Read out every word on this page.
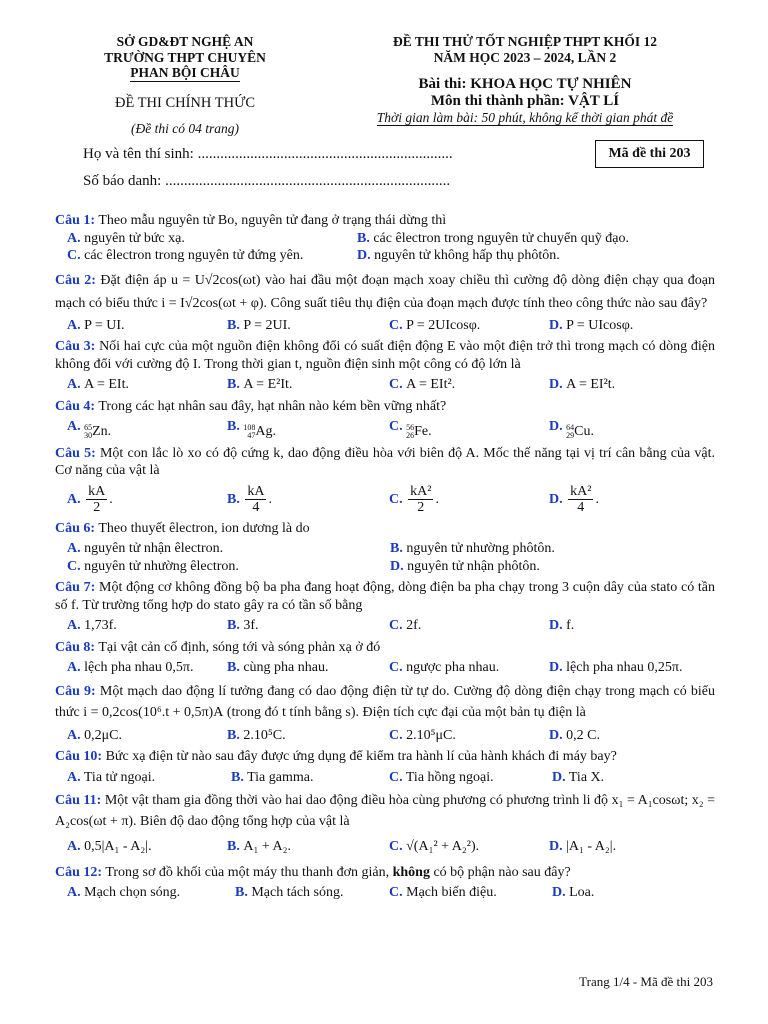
SỞ GD&ĐT NGHỆ AN
TRƯỜNG THPT CHUYÊN
PHAN BỘI CHÂU
ĐỀ THI CHÍNH THỨC
(Đề thi có 04 trang)
ĐỀ THI THỬ TỐT NGHIỆP THPT KHỐI 12
NĂM HỌC 2023 – 2024, LẦN 2
Bài thi: KHOA HỌC TỰ NHIÊN
Môn thi thành phần: VẬT LÍ
Thời gian làm bài: 50 phút, không kể thời gian phát đề
Họ và tên thí sinh: ....................................................................
Số báo danh: ............................................................................
Mã đề thi 203

Câu 1: Theo mẫu nguyên tử Bo, nguyên tử đang ở trạng thái dừng thì

A. nguyên tử bức xạ.	B. các êlectron trong nguyên tử chuyển quỹ đạo.
C. các êlectron trong nguyên tử đứng yên.	D. nguyên tử không hấp thụ phôtôn.

Câu 2: Đặt điện áp u = U√2cos(ωt) vào hai đầu một đoạn mạch xoay chiều thì cường độ dòng điện chạy qua đoạn mạch có biểu thức i = I√2cos(ωt + φ). Công suất tiêu thụ điện của đoạn mạch được tính theo công thức nào sau đây?

A. P = UI.	B. P = 2UI.	C. P = 2UIcosφ.	D. P = UIcosφ.

Câu 3: Nối hai cực của một nguồn điện không đổi có suất điện động E vào một điện trở thì trong mạch có dòng điện không đổi với cường độ I. Trong thời gian t, nguồn điện sinh một công có độ lớn là

A. A = EIt.	B. A = E²It.	C. A = EIt².	D. A = EI²t.

Câu 4: Trong các hạt nhân sau đây, hạt nhân nào kém bền vững nhất?

A. 65
30 Zn.	B. 108
47 Ag.	C. 56
26 Fe.	D. 64
29 Cu.

Câu 5: Một con lắc lò xo có độ cứng k, dao động điều hòa với biên độ A. Mốc thế năng tại vị trí cân bằng của vật. Cơ năng của vật là

A. $\frac{kA}{2}$ .	B. $\frac{kA}{4}$ .	C. $\frac{\text{kA²}}{2}$ .	D. $\frac{\text{kA²}}{4}$ .

Câu 6: Theo thuyết êlectron, ion dương là do

A. nguyên tử nhận êlectron.	B. nguyên tử nhường phôtôn.
C. nguyên tử nhường êlectron.	D. nguyên tử nhận phôtôn.

Câu 7: Một động cơ không đồng bộ ba pha đang hoạt động, dòng điện ba pha chạy trong 3 cuộn dây của stato có tần số f. Từ trường tổng hợp do stato gây ra có tần số bằng

A. 1,73f.	B. 3f.	C. 2f.	D. f.

Câu 8: Tại vật cản cố định, sóng tới và sóng phản xạ ở đó

A. lệch pha nhau 0,5π.	B. cùng pha nhau.	C. ngược pha nhau.	D. lệch pha nhau 0,25π.

Câu 9: Một mạch dao động lí tưởng đang có dao động điện từ tự do. Cường độ dòng điện chạy trong mạch có biểu thức i = 0,2cos(10⁶.t + 0,5π)A (trong đó t tính bằng s). Điện tích cực đại của một bản tụ điện là

A. 0,2μC.	B. 2.10⁵C.	C. 2.10⁵μC.	D. 0,2 C.

Câu 10: Bức xạ điện từ nào sau đây được ứng dụng để kiểm tra hành lí của hành khách đi máy bay?

A. Tia tử ngoại.	B. Tia gamma.	C. Tia hồng ngoại.	D. Tia X.

Câu 11: Một vật tham gia đồng thời vào hai dao động điều hòa cùng phương có phương trình li độ x₁ = A₁cosωt; x₂ = A₂cos(ωt + π). Biên độ dao động tổng hợp của vật là

A. 0,5|A₁ - A₂|.	B. A₁ + A₂.	C. √(A₁² + A₂²).	D. |A₁ - A₂|.

Câu 12: Trong sơ đồ khối của một máy thu thanh đơn giản, không có bộ phận nào sau đây?

A. Mạch chọn sóng.	B. Mạch tách sóng.	C. Mạch biến điệu.	D. Loa.
Trang 1/4 - Mã đề thi 203
